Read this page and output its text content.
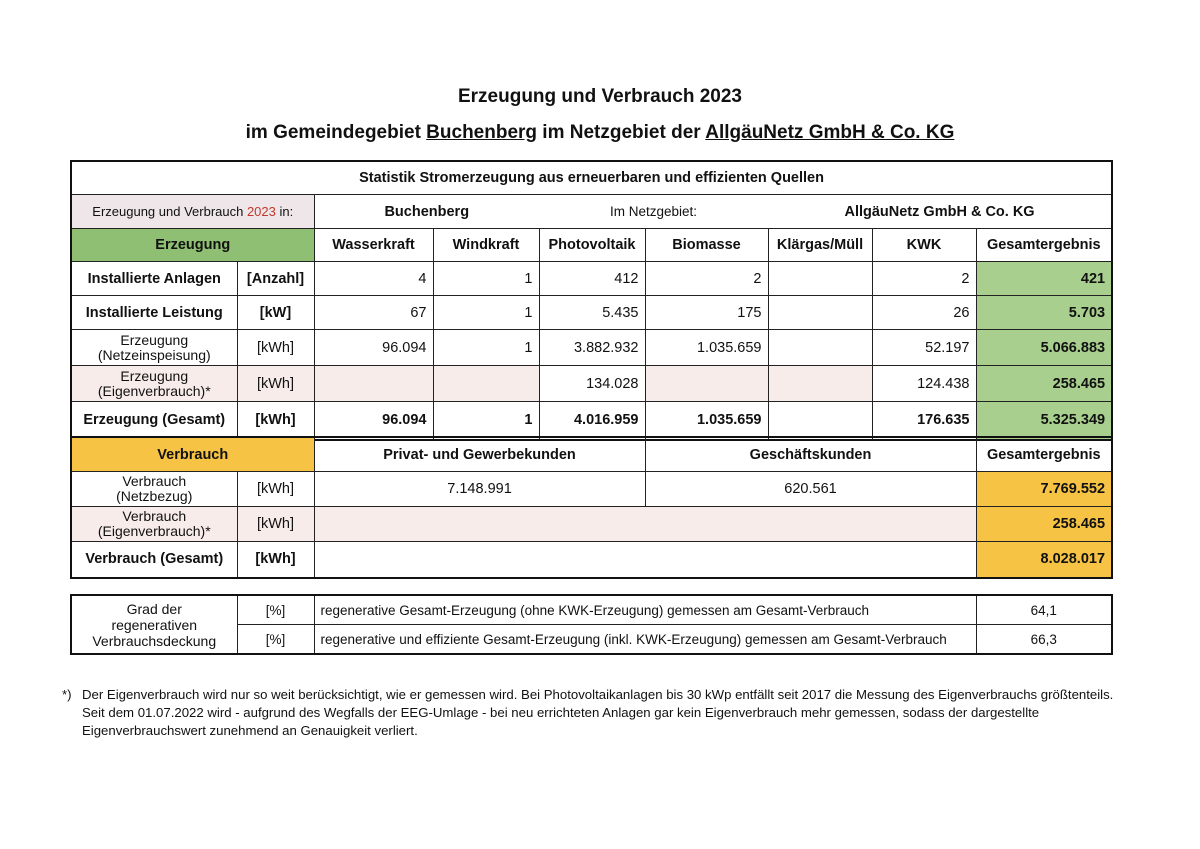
Erzeugung und Verbrauch 2023
im Gemeindegebiet Buchenberg im Netzgebiet der AllgäuNetz GmbH & Co. KG
Statistik Stromerzeugung aus erneuerbaren und effizienten Quellen								
Erzeugung und Verbrauch 2023 in:		Buchenberg		Im Netzgebiet:		AllgäuNetz GmbH & Co. KG		
Erzeugung		Wasserkraft	Windkraft	Photovoltaik	Biomasse	Klärgas/Müll	KWK	Gesamtergebnis
Installierte Anlagen	[Anzahl]	4	1	412	2		2	421
Installierte Leistung	[kW]	67	1	5.435	175		26	5.703
Erzeugung
(Netzeinspeisung)	[kWh]	96.094	1	3.882.932	1.035.659		52.197	5.066.883
Erzeugung
(Eigenverbrauch)*	[kWh]			134.028			124.438	258.465
Erzeugung (Gesamt)	[kWh]	96.094	1	4.016.959	1.035.659		176.635	5.325.349
Verbrauch		Privat- und Gewerbekunden	Geschäftskunden	Gesamtergebnis
Verbrauch
(Netzbezug)	[kWh]	7.148.991	620.561	7.769.552
Verbrauch
(Eigenverbrauch)*	[kWh]			258.465
Verbrauch (Gesamt)	[kWh]			8.028.017
Grad der
regenerativen
Verbrauchsdeckung	[%]	regenerative Gesamt-Erzeugung (ohne KWK-Erzeugung) gemessen am Gesamt-Verbrauch	64,1
	[%]	regenerative und effiziente Gesamt-Erzeugung (inkl. KWK-Erzeugung) gemessen am Gesamt-Verbrauch	66,3
*) Der Eigenverbrauch wird nur so weit berücksichtigt, wie er gemessen wird. Bei Photovoltaikanlagen bis 30 kWp entfällt seit 2017 die Messung des Eigenverbrauchs größtenteils. Seit dem 01.07.2022 wird - aufgrund des Wegfalls der EEG-Umlage - bei neu errichteten Anlagen gar kein Eigenverbrauch mehr gemessen, sodass der dargestellte Eigenverbrauchswert zunehmend an Genauigkeit verliert.
